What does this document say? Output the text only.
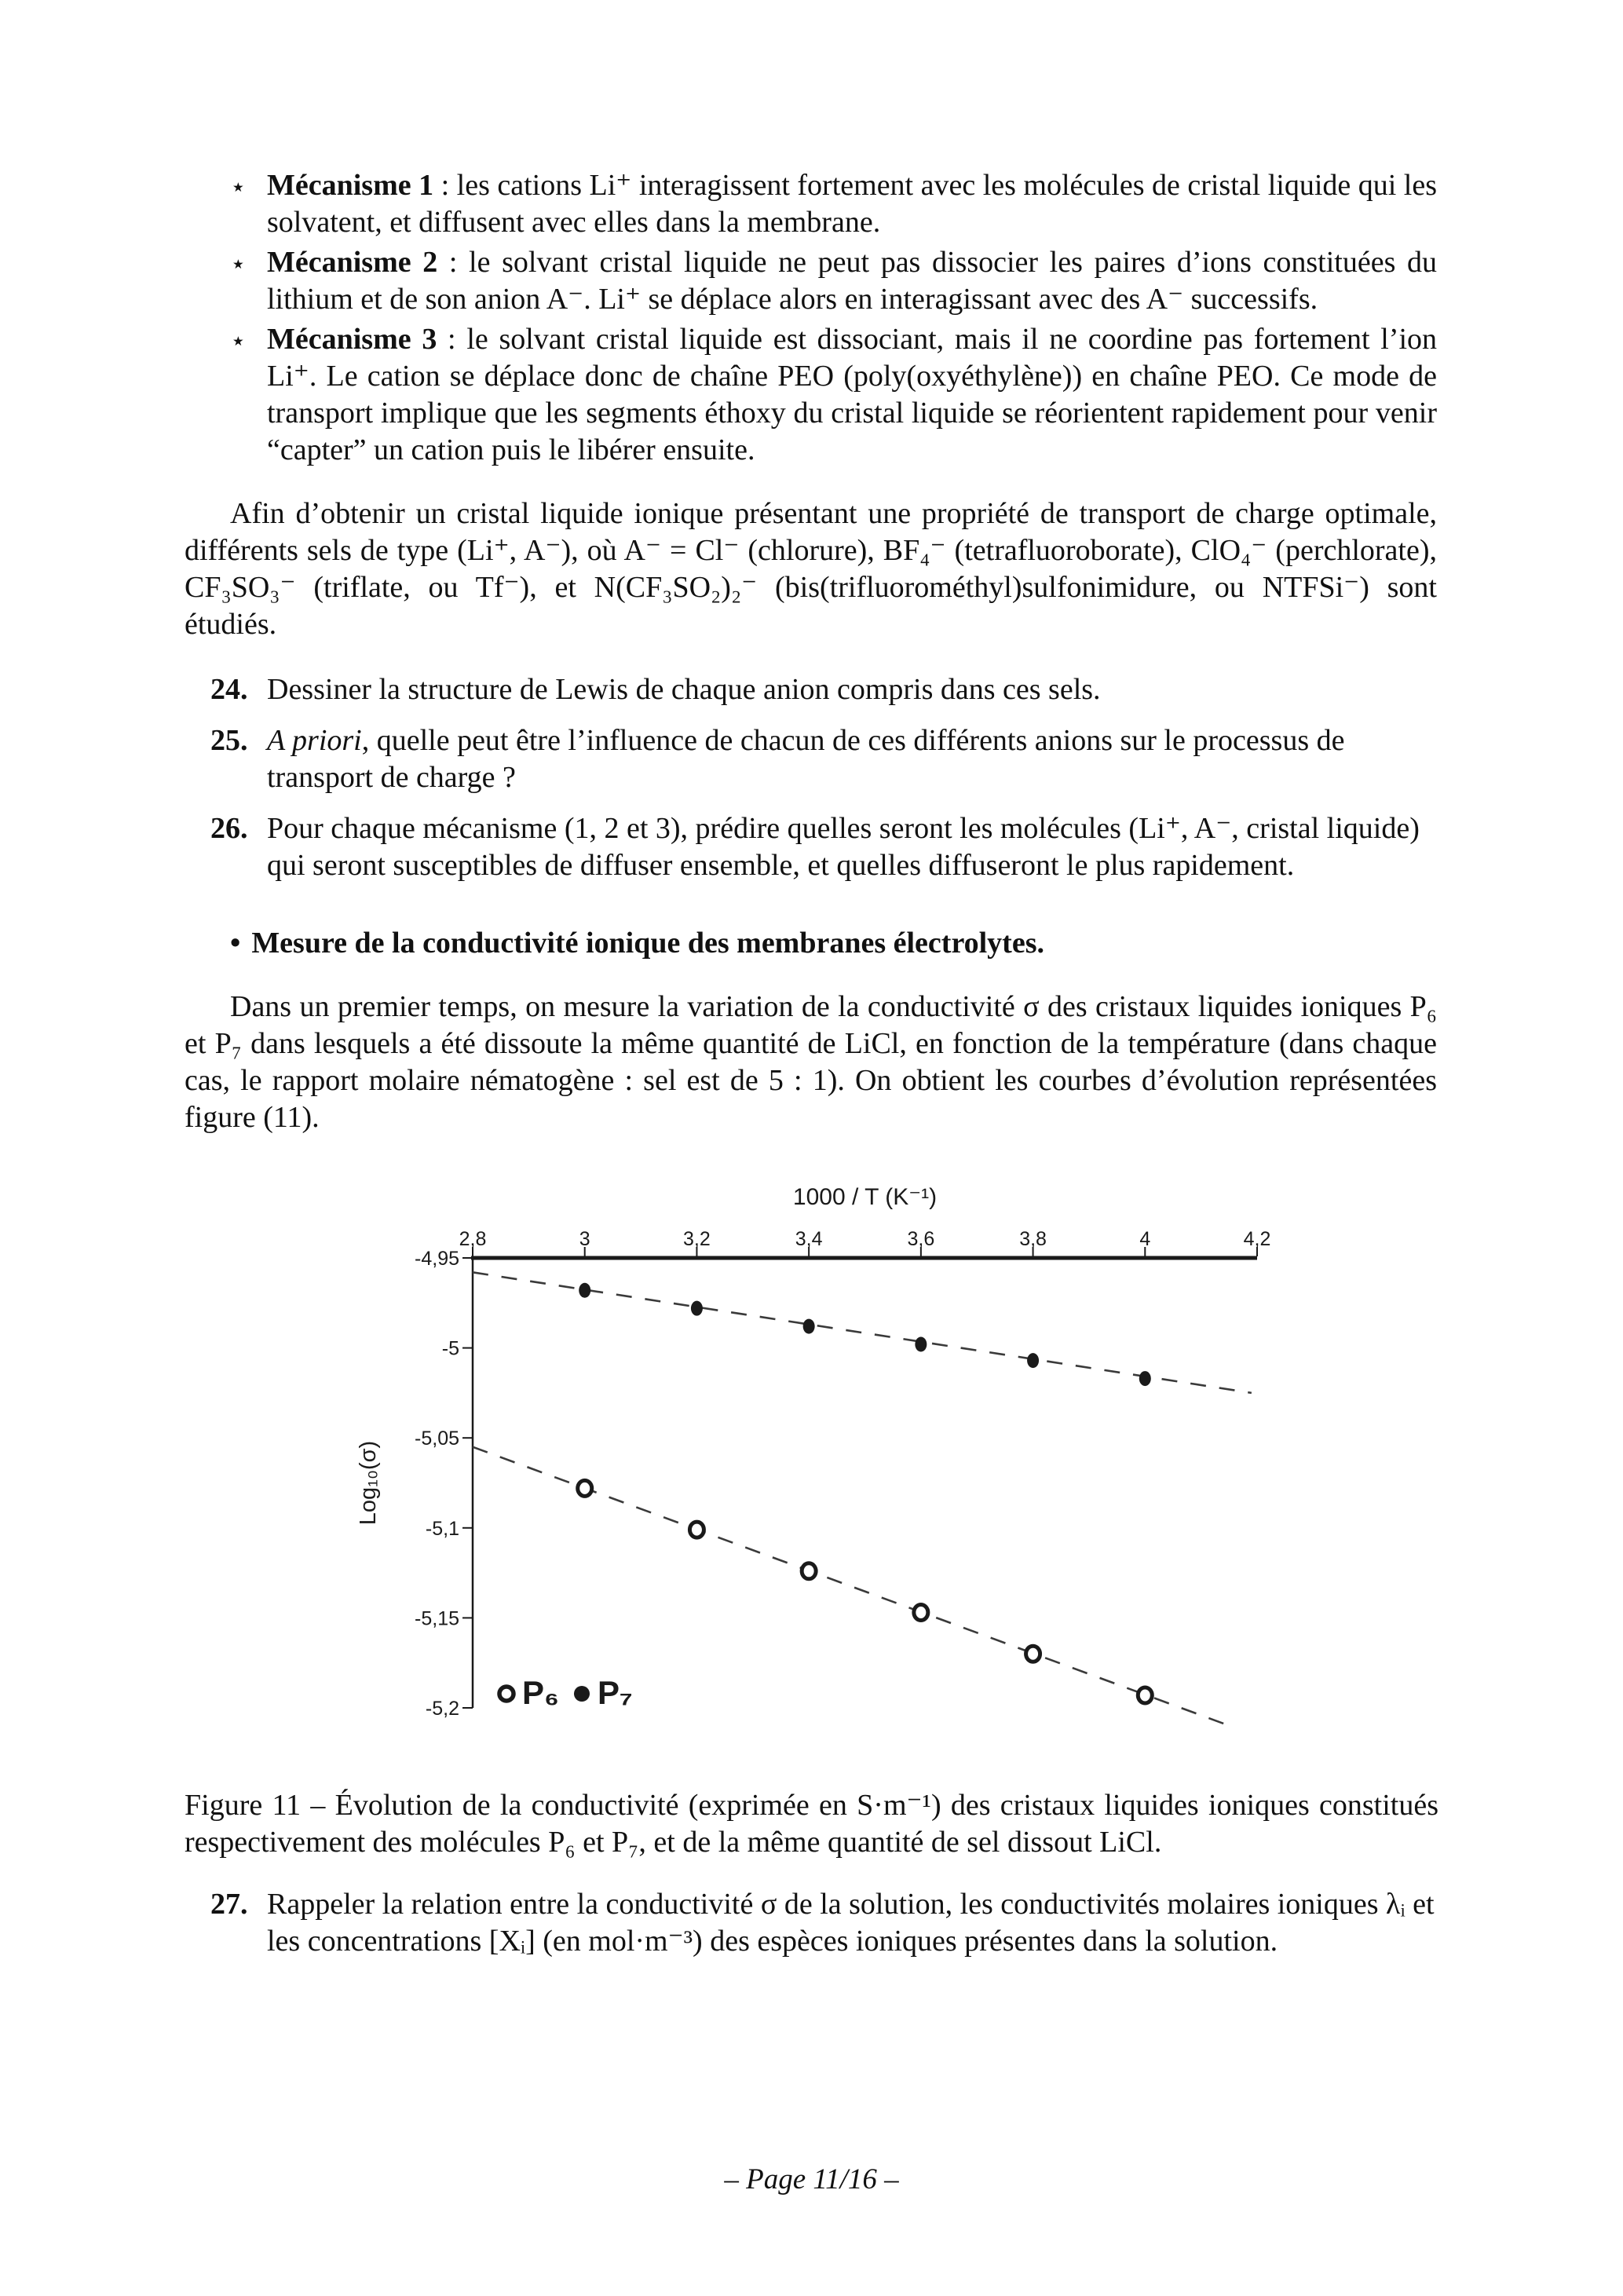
⋆ Mécanisme 1 : les cations Li⁺ interagissent fortement avec les molécules de cristal liquide qui les solvatent, et diffusent avec elles dans la membrane.
⋆ Mécanisme 2 : le solvant cristal liquide ne peut pas dissocier les paires d’ions constituées du lithium et de son anion A⁻. Li⁺ se déplace alors en interagissant avec des A⁻ successifs.
⋆ Mécanisme 3 : le solvant cristal liquide est dissociant, mais il ne coordine pas fortement l’ion Li⁺. Le cation se déplace donc de chaîne PEO (poly(oxyéthylène)) en chaîne PEO. Ce mode de transport implique que les segments éthoxy du cristal liquide se réorientent rapidement pour venir “capter” un cation puis le libérer ensuite.

Afin d’obtenir un cristal liquide ionique présentant une propriété de transport de charge optimale, différents sels de type (Li⁺, A⁻), où A⁻ = Cl⁻ (chlorure), BF₄⁻ (tetrafluoroborate), ClO₄⁻ (perchlorate), CF₃SO₃⁻ (triflate, ou Tf⁻), et N(CF₃SO₂)₂⁻ (bis(trifluorométhyl)sulfonimidure, ou NTFSi⁻) sont étudiés.

24. Dessiner la structure de Lewis de chaque anion compris dans ces sels.
25. A priori, quelle peut être l’influence de chacun de ces différents anions sur le processus de transport de charge ?
26. Pour chaque mécanisme (1, 2 et 3), prédire quelles seront les molécules (Li⁺, A⁻, cristal liquide) qui seront susceptibles de diffuser ensemble, et quelles diffuseront le plus rapidement.

• Mesure de la conductivité ionique des membranes électrolytes.

Dans un premier temps, on mesure la variation de la conductivité σ des cristaux liquides ioniques P₆ et P₇ dans lesquels a été dissoute la même quantité de LiCl, en fonction de la température (dans chaque cas, le rapport molaire nématogène : sel est de 5 : 1). On obtient les courbes d’évolution représentées figure (11).

1000 / T (K⁻¹)
Log₁₀(σ)
2,8	3	3,2	3,4	3,6	3,8	4	4,2
-4,95
-5
-5,05
-5,1
-5,15
-5,2 P₆ P₇

Figure 11 – Évolution de la conductivité (exprimée en S·m⁻¹) des cristaux liquides ioniques constitués respectivement des molécules P₆ et P₇, et de la même quantité de sel dissout LiCl.

27. Rappeler la relation entre la conductivité σ de la solution, les conductivités molaires ioniques λᵢ et les concentrations [Xᵢ] (en mol·m⁻³) des espèces ioniques présentes dans la solution.
– Page 11/16 –
